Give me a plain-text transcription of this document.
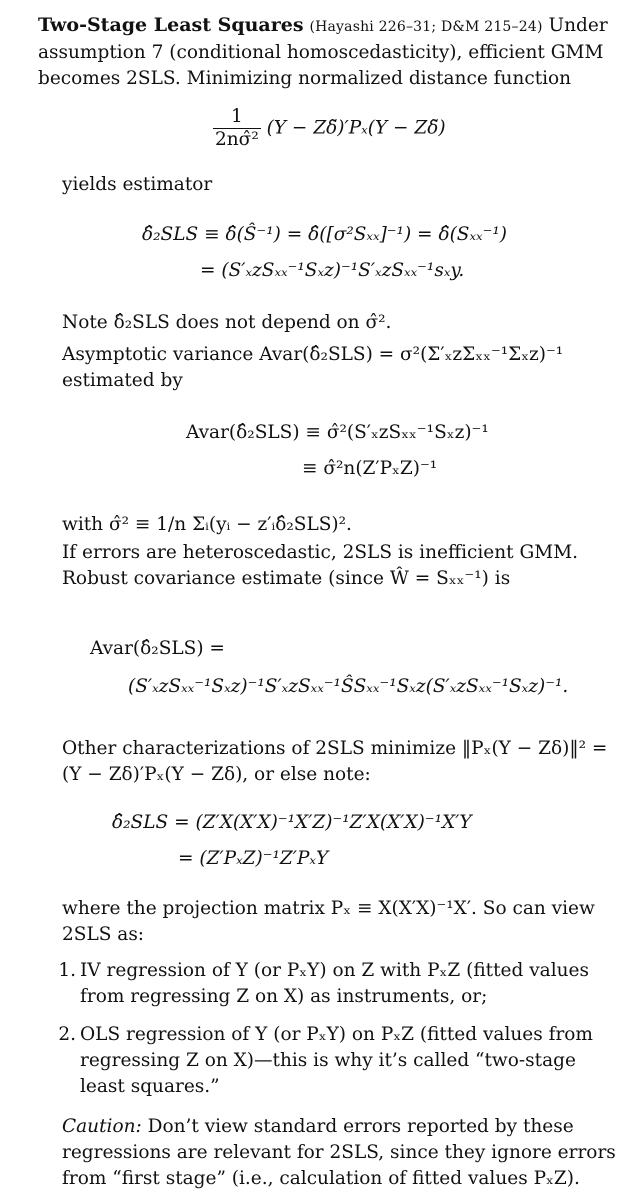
Two-Stage Least Squares (Hayashi 226–31; D&M 215–24) Under assumption 7 (conditional homoscedasticity), efficient GMM becomes 2SLS. Minimizing normalized distance function
$\frac{1}{\text{2nσ̂²}} (Y$ − Zδ̃)′Pₓ(Y − Zδ̃)
yields estimator
δ̂₂SLS ≡ δ̂(Ŝ⁻¹) = δ̂([σ²Sₓₓ]⁻¹) = δ̂(Sₓₓ⁻¹)
= (S′ₓzSₓₓ⁻¹Sₓz)⁻¹S′ₓzSₓₓ⁻¹sₓy.
Note δ̂₂SLS does not depend on σ̂².
Asymptotic variance Avar(δ̂₂SLS) = σ²(Σ′ₓzΣₓₓ⁻¹Σₓz)⁻¹ estimated by
Avar(δ̂₂SLS) ≡ σ̂²(S′ₓzSₓₓ⁻¹Sₓz)⁻¹
≡ σ̂²n(Z′PₓZ)⁻¹
with σ̂² ≡ 1/n Σᵢ(yᵢ − z′ᵢδ̂₂SLS)².
If errors are heteroscedastic, 2SLS is inefficient GMM. Robust covariance estimate (since Ŵ = Sₓₓ⁻¹) is
Avar(δ̂₂SLS) =
(S′ₓzSₓₓ⁻¹Sₓz)⁻¹S′ₓzSₓₓ⁻¹ŜSₓₓ⁻¹Sₓz(S′ₓzSₓₓ⁻¹Sₓz)⁻¹.
Other characterizations of 2SLS minimize ‖Pₓ(Y − Zδ)‖² = (Y − Zδ)′Pₓ(Y − Zδ), or else note:
δ̂₂SLS = (Z′X(X′X)⁻¹X′Z)⁻¹Z′X(X′X)⁻¹X′Y
= (Z′PₓZ)⁻¹Z′PₓY
where the projection matrix Pₓ ≡ X(X′X)⁻¹X′. So can view 2SLS as:
1. IV regression of Y (or PₓY) on Z with PₓZ (fitted values from regressing Z on X) as instruments, or;
2. OLS regression of Y (or PₓY) on PₓZ (fitted values from regressing Z on X)—this is why it’s called “two-stage least squares.”
Caution: Don’t view standard errors reported by these regressions are relevant for 2SLS, since they ignore errors from “first stage” (i.e., calculation of fitted values PₓZ).
